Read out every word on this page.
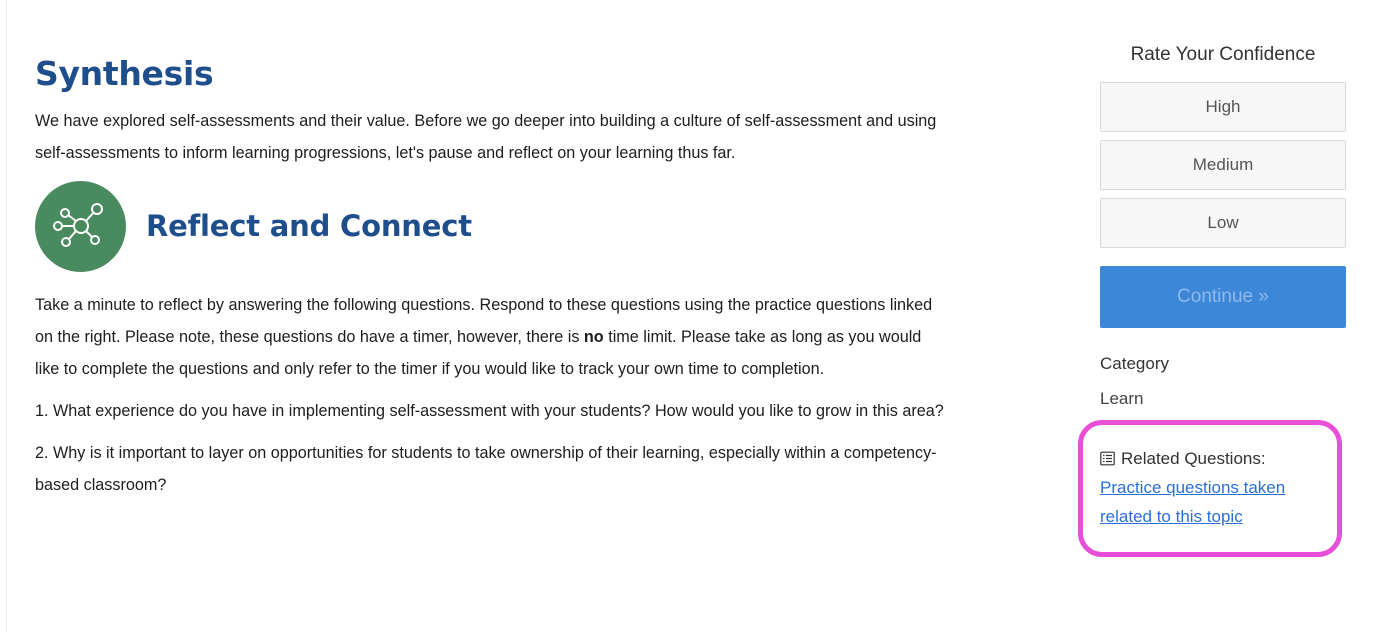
Synthesis

We have explored self-assessments and their value. Before we go deeper into building a culture of self-assessment and using self-assessments to inform learning progressions, let's pause and reflect on your learning thus far.

Reflect and Connect

Take a minute to reflect by answering the following questions. Respond to these questions using the practice questions linked on the right. Please note, these questions do have a timer, however, there is no time limit. Please take as long as you would like to complete the questions and only refer to the timer if you would like to track your own time to completion.

1. What experience do you have in implementing self-assessment with your students? How would you like to grow in this area?

2. Why is it important to layer on opportunities for students to take ownership of their learning, especially within a competency-based classroom?

Rate Your Confidence
High
Medium
Low
Continue »
Category
Learn
Related Questions:
Practice questions taken related to this topic
